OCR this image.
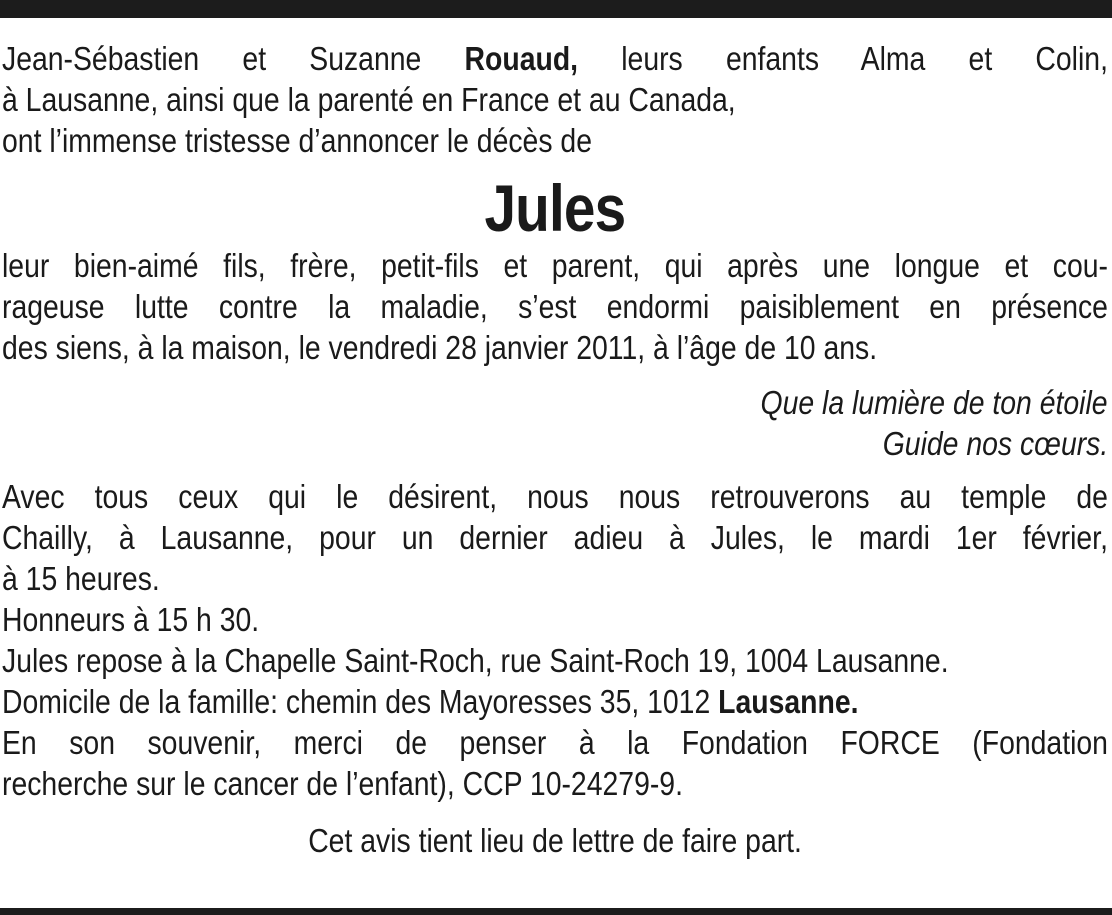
Jean-Sébastien et Suzanne Rouaud, leurs enfants Alma et Colin,
à Lausanne, ainsi que la parenté en France et au Canada,
ont l’immense tristesse d’annoncer le décès de

Jules

leur bien-aimé fils, frère, petit-fils et parent, qui après une longue et cou-
rageuse lutte contre la maladie, s’est endormi paisiblement en présence
des siens, à la maison, le vendredi 28 janvier 2011, à l’âge de 10 ans.

Que la lumière de ton étoile
Guide nos cœurs.

Avec tous ceux qui le désirent, nous nous retrouverons au temple de
Chailly, à Lausanne, pour un dernier adieu à Jules, le mardi 1er février,
à 15 heures.
Honneurs à 15 h 30.
Jules repose à la Chapelle Saint-Roch, rue Saint-Roch 19, 1004 Lausanne.
Domicile de la famille: chemin des Mayoresses 35, 1012 Lausanne.
En son souvenir, merci de penser à la Fondation FORCE (Fondation
recherche sur le cancer de l’enfant), CCP 10-24279-9.

Cet avis tient lieu de lettre de faire part.
